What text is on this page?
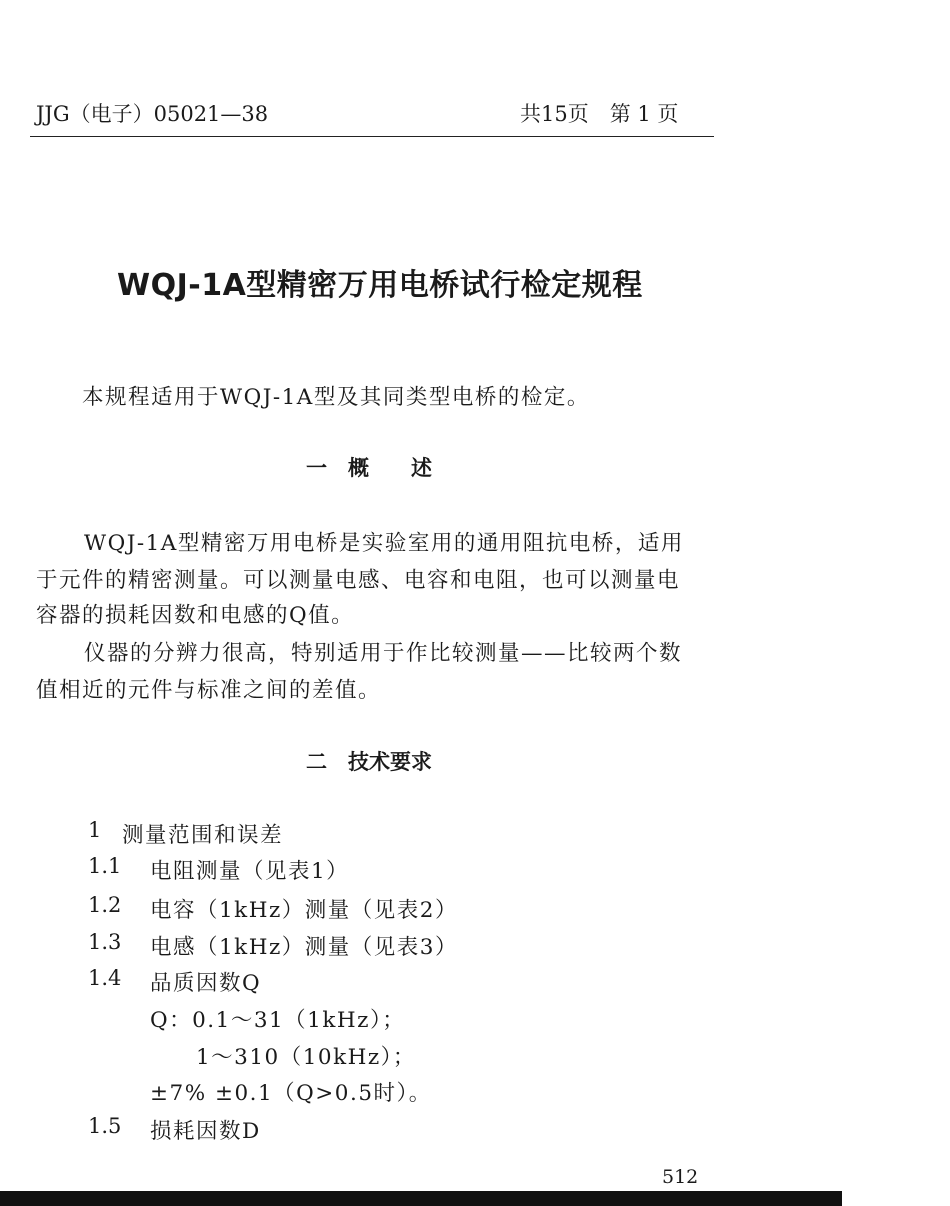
JJG（电子）05021—38	共15页　第 1 页
WQJ-1A型精密万用电桥试行检定规程
本规程适用于WQJ-1A型及其同类型电桥的检定。
一　概　　述
WQJ-1A型精密万用电桥是实验室用的通用阻抗电桥，适用
于元件的精密测量。可以测量电感、电容和电阻，也可以测量电
容器的损耗因数和电感的Q值。
仪器的分辨力很高，特别适用于作比较测量——比较两个数
值相近的元件与标准之间的差值。
二　技术要求
1 测量范围和误差
1.1 电阻测量（见表1）
1.2 电容（1kHz）测量（见表2）
1.3 电感（1kHz）测量（见表3）
1.4 品质因数Q
Q：0.1～31（1kHz）；
1～310（10kHz）；
±7% ±0.1（Q>0.5时）。
1.5 损耗因数D
512
